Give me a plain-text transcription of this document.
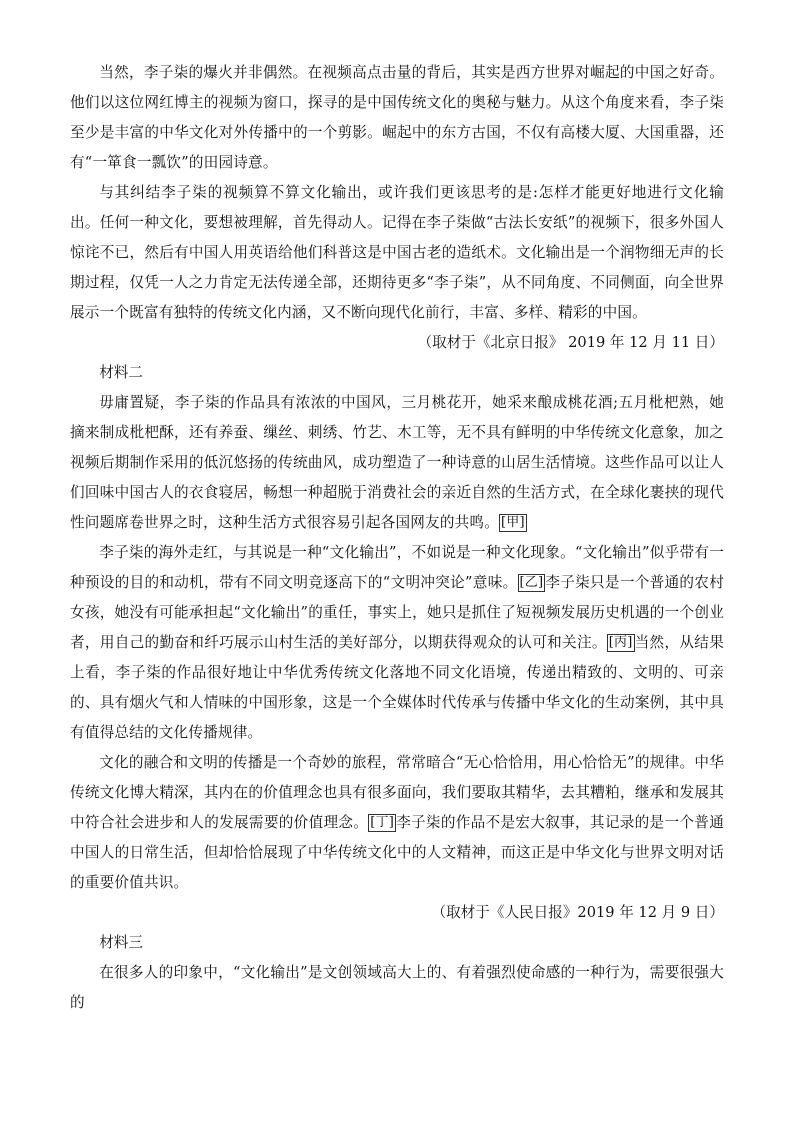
当然，李子柒的爆火并非偶然。在视频高点击量的背后，其实是西方世界对崛起的中国之好奇。他们以这位网红博主的视频为窗口，探寻的是中国传统文化的奥秘与魅力。从这个角度来看，李子柒至少是丰富的中华文化对外传播中的一个剪影。崛起中的东方古国，不仅有高楼大厦、大国重器，还有“一箪食一瓢饮”的田园诗意。

与其纠结李子柒的视频算不算文化输出，或许我们更该思考的是:怎样才能更好地进行文化输出。任何一种文化，要想被理解，首先得动人。记得在李子柒做“古法长安纸”的视频下，很多外国人惊诧不已，然后有中国人用英语给他们科普这是中国古老的造纸术。文化输出是一个润物细无声的长期过程，仅凭一人之力肯定无法传递全部，还期待更多“李子柒”，从不同角度、不同侧面，向全世界展示一个既富有独特的传统文化内涵，又不断向现代化前行，丰富、多样、精彩的中国。

（取材于《北京日报》 2019 年 12 月 11 日）

材料二

毋庸置疑，李子柒的作品具有浓浓的中国风，三月桃花开，她采来酿成桃花酒;五月枇杷熟，她摘来制成枇杷酥，还有养蚕、缫丝、刺绣、竹艺、木工等，无不具有鲜明的中华传统文化意象，加之视频后期制作采用的低沉悠扬的传统曲风，成功塑造了一种诗意的山居生活情境。这些作品可以让人们回味中国古人的衣食寝居，畅想一种超脱于消费社会的亲近自然的生活方式，在全球化裹挟的现代性问题席卷世界之时，这种生活方式很容易引起各国网友的共鸣。 [甲]

李子柒的海外走红，与其说是一种“文化输出”，不如说是一种文化现象。“文化输出”似乎带有一种预设的目的和动机，带有不同文明竞逐高下的“文明冲突论”意味。 [乙] 李子柒只是一个普通的农村女孩，她没有可能承担起“文化输出”的重任，事实上，她只是抓住了短视频发展历史机遇的一个创业者，用自己的勤奋和纤巧展示山村生活的美好部分，以期获得观众的认可和关注。 [丙] 当然，从结果上看，李子柒的作品很好地让中华优秀传统文化落地不同文化语境，传递出精致的、文明的、可亲的、具有烟火气和人情味的中国形象，这是一个全媒体时代传承与传播中华文化的生动案例，其中具有值得总结的文化传播规律。

文化的融合和文明的传播是一个奇妙的旅程，常常暗合“无心恰恰用，用心恰恰无”的规律。中华传统文化博大精深，其内在的价值理念也具有很多面向，我们要取其精华，去其糟粕，继承和发展其中符合社会进步和人的发展需要的价值理念。 [丁] 李子柒的作品不是宏大叙事，其记录的是一个普通中国人的日常生活，但却恰恰展现了中华传统文化中的人文精神，而这正是中华文化与世界文明对话的重要价值共识。

（取材于《人民日报》2019 年 12 月 9 日）

材料三

在很多人的印象中，“文化输出”是文创领域高大上的、有着强烈使命感的一种行为，需要很强大的
